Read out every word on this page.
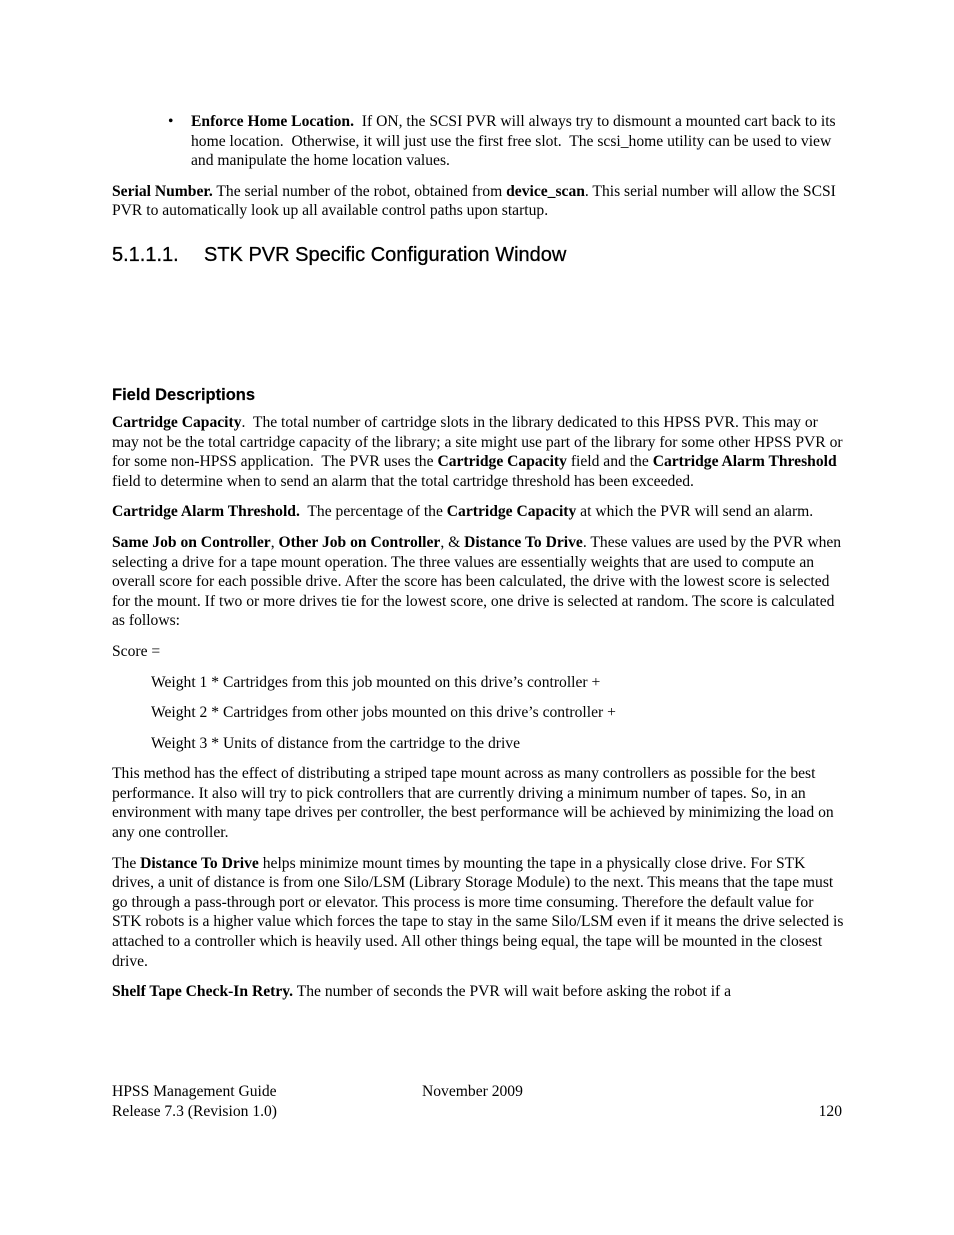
• Enforce Home Location.  If ON, the SCSI PVR will always try to dismount a mounted cart back to its home location.  Otherwise, it will just use the first free slot.  The scsi_home utility can be used to view and manipulate the home location values.

Serial Number. The serial number of the robot, obtained from device_scan. This serial number will allow the SCSI PVR to automatically look up all available control paths upon startup.

5.1.1.1. STK PVR Specific Configuration Window
Field Descriptions

Cartridge Capacity.  The total number of cartridge slots in the library dedicated to this HPSS PVR. This may or may not be the total cartridge capacity of the library; a site might use part of the library for some other HPSS PVR or for some non-HPSS application.  The PVR uses the Cartridge Capacity field and the Cartridge Alarm Threshold field to determine when to send an alarm that the total cartridge threshold has been exceeded.

Cartridge Alarm Threshold.  The percentage of the Cartridge Capacity at which the PVR will send an alarm.

Same Job on Controller, Other Job on Controller, & Distance To Drive. These values are used by the PVR when selecting a drive for a tape mount operation. The three values are essentially weights that are used to compute an overall score for each possible drive. After the score has been calculated, the drive with the lowest score is selected for the mount. If two or more drives tie for the lowest score, one drive is selected at random. The score is calculated as follows:

Score =

Weight 1 * Cartridges from this job mounted on this drive’s controller +

Weight 2 * Cartridges from other jobs mounted on this drive’s controller +

Weight 3 * Units of distance from the cartridge to the drive

This method has the effect of distributing a striped tape mount across as many controllers as possible for the best performance. It also will try to pick controllers that are currently driving a minimum number of tapes. So, in an environment with many tape drives per controller, the best performance will be achieved by minimizing the load on any one controller.

The Distance To Drive helps minimize mount times by mounting the tape in a physically close drive. For STK drives, a unit of distance is from one Silo/LSM (Library Storage Module) to the next. This means that the tape must go through a pass-through port or elevator. This process is more time consuming. Therefore the default value for STK robots is a higher value which forces the tape to stay in the same Silo/LSM even if it means the drive selected is attached to a controller which is heavily used. All other things being equal, the tape will be mounted in the closest drive.

Shelf Tape Check-In Retry. The number of seconds the PVR will wait before asking the robot if a

HPSS Management Guide	November 2009
Release 7.3 (Revision 1.0)	120
